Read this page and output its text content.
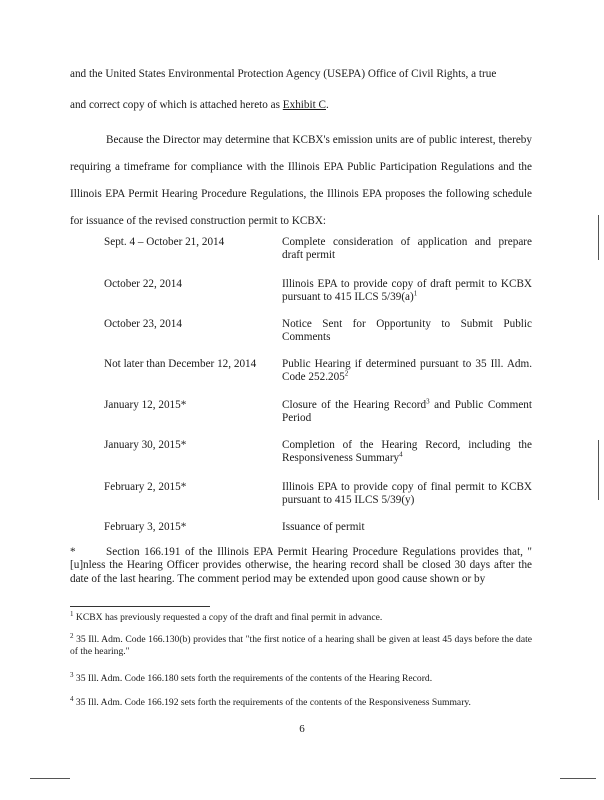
and the United States Environmental Protection Agency (USEPA) Office of Civil Rights, a true
and correct copy of which is attached hereto as Exhibit C.
Because the Director may determine that KCBX's emission units are of public interest, thereby requiring a timeframe for compliance with the Illinois EPA Public Participation Regulations and the Illinois EPA Permit Hearing Procedure Regulations, the Illinois EPA proposes the following schedule for issuance of the revised construction permit to KCBX:
Sept. 4 – October 21, 2014	Complete consideration of application and prepare draft permit
October 22, 2014	Illinois EPA to provide copy of draft permit to KCBX pursuant to 415 ILCS $5/39(a)^1$
October 23, 2014	Notice Sent for Opportunity to Submit Public Comments
Not later than December 12, 2014	Public Hearing if determined pursuant to 35 Ill. Adm. Code 252.205$^2$
January 12, 2015*	Closure of the Hearing Record$^3$ and Public Comment Period
January 30, 2015*	Completion of the Hearing Record, including the Responsiveness Summary$^4$
February 2, 2015*	Illinois EPA to provide copy of final permit to KCBX pursuant to 415 ILCS 5/39(y)
February 3, 2015*	Issuance of permit
*	Section 166.191 of the Illinois EPA Permit Hearing Procedure Regulations provides that, "[u]nless the Hearing Officer provides otherwise, the hearing record shall be closed 30 days after the date of the last hearing. The comment period may be extended upon good cause shown or by
$^1$ KCBX has previously requested a copy of the draft and final permit in advance.
$^2$ 35 Ill. Adm. Code 166.130(b) provides that "the first notice of a hearing shall be given at least 45 days before the date of the hearing."
$^3$ 35 Ill. Adm. Code 166.180 sets forth the requirements of the contents of the Hearing Record.
$^4$ 35 Ill. Adm. Code 166.192 sets forth the requirements of the contents of the Responsiveness Summary.
6
